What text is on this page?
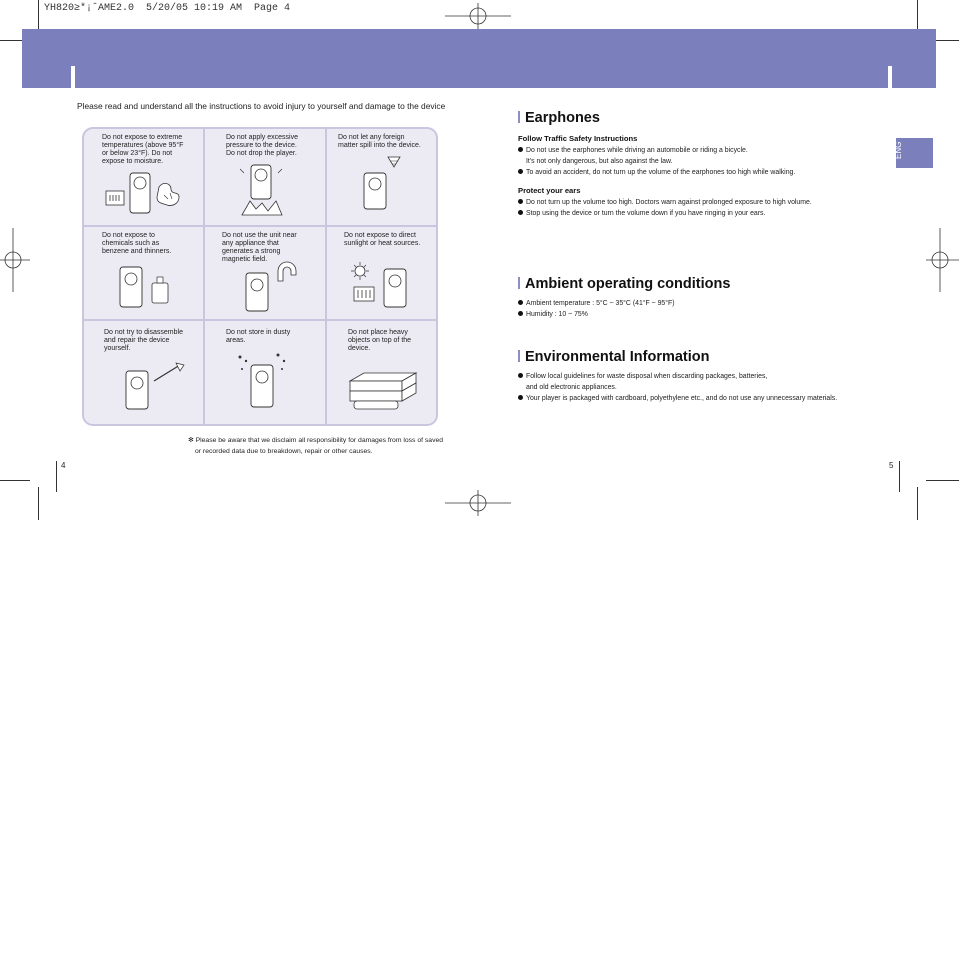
YH820≥*¡ˆAME2.0  5/20/05 10:19 AM  Page 4
Please read and understand all the instructions to avoid injury to yourself and damage to the device
Do not expose to extreme
temperatures (above 95°F
or below 23°F). Do not
expose to moisture.
Do not apply excessive
pressure to the device.
Do not drop the player.
Do not let any foreign
matter spill into the device.
Do not expose to
chemicals such as
benzene and thinners.
Do not use the unit near
any appliance that
generates a strong
magnetic field.
Do not expose to direct
sunlight or heat sources.
Do not try to disassemble
and repair the device
yourself.
Do not store in dusty
areas.
Do not place heavy
objects on top of the
device.
✻ Please be aware that we disclaim all responsibility for damages from loss of saved
or recorded data due to breakdown, repair or other causes.
4
Earphones
Follow Traffic Safety Instructions
Do not use the earphones while driving an automobile or riding a bicycle.
It's not only dangerous, but also against the law.
To avoid an accident, do not turn up the volume of the earphones too high while walking.
Protect your ears
Do not turn up the volume too high. Doctors warn against prolonged exposure to high volume.
Stop using the device or turn the volume down if you have ringing in your ears.
Ambient operating conditions
Ambient temperature : 5°C ~ 35°C (41°F ~ 95°F)
Humidity : 10 ~ 75%
Environmental Information
Follow local guidelines for waste disposal when discarding packages, batteries,
and old electronic appliances.
Your player is packaged with cardboard, polyethylene etc., and do not use any unnecessary materials.
ENG
5
